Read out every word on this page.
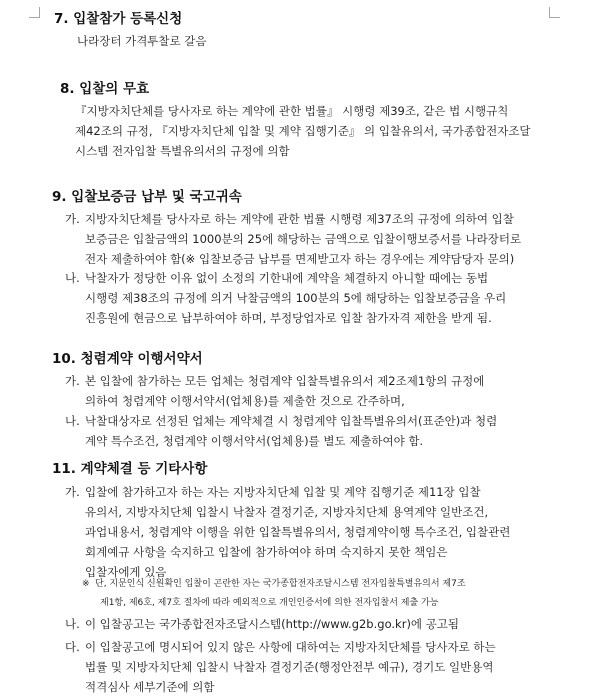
7. 입찰참가 등록신청
나라장터 가격투찰로 갈음
8. 입찰의 무효
『지방자치단체를 당사자로 하는 계약에 관한 법률』 시행령 제39조, 같은 법 시행규칙
제42조의 규정, 『지방자치단체 입찰 및 계약 집행기준』 의 입찰유의서, 국가종합전자조달
시스템 전자입찰 특별유의서의 규정에 의함
9. 입찰보증금 납부 및 국고귀속
가. 지방자치단체를 당사자로 하는 계약에 관한 법률 시행령 제37조의 규정에 의하여 입찰
보증금은 입찰금액의 1000분의 25에 해당하는 금액으로 입찰이행보증서를 나라장터로
전자 제출하여야 함(※ 입찰보증금 납부를 면제받고자 하는 경우에는 계약담당자 문의)
나. 낙찰자가 정당한 이유 없이 소정의 기한내에 계약을 체결하지 아니할 때에는 동법
시행령 제38조의 규정에 의거 낙찰금액의 100분의 5에 해당하는 입찰보증금을 우리
진흥원에 현금으로 납부하여야 하며, 부정당업자로 입찰 참가자격 제한을 받게 됨.
10. 청렴계약 이행서약서
가. 본 입찰에 참가하는 모든 업체는 청렴계약 입찰특별유의서 제2조제1항의 규정에
의하여 청렴계약 이행서약서(업체용)를 제출한 것으로 간주하며,
나. 낙찰대상자로 선정된 업체는 계약체결 시 청렴계약 입찰특별유의서(표준안)과 청렴
계약 특수조건, 청렴계약 이행서약서(업체용)를 별도 제출하여야 함.
11. 계약체결 등 기타사항
가. 입찰에 참가하고자 하는 자는 지방자치단체 입찰 및 계약 집행기준 제11장 입찰
유의서, 지방자치단체 입찰시 낙찰자 결정기준, 지방자치단체 용역계약 일반조건,
과업내용서, 청렴계약 이행을 위한 입찰특별유의서, 청렴계약이행 특수조건, 입찰관련
회계예규 사항을 숙지하고 입찰에 참가하여야 하며 숙지하지 못한 책임은
입찰자에게 있음
※ 단, 지문인식 신원확인 입찰이 곤란한 자는 국가종합전자조달시스템 전자입찰특별유의서 제7조
제1항, 제6호, 제7호 절차에 따라 예외적으로 개인인증서에 의한 전자입찰서 제출 가능
나. 이 입찰공고는 국가종합전자조달시스템(http://www.g2b.go.kr)에 공고됨
다. 이 입찰공고에 명시되어 있지 않은 사항에 대하여는 지방자치단체를 당사자로 하는
법률 및 지방자치단체 입찰시 낙찰자 결정기준(행정안전부 예규), 경기도 일반용역
적격심사 세부기준에 의함
